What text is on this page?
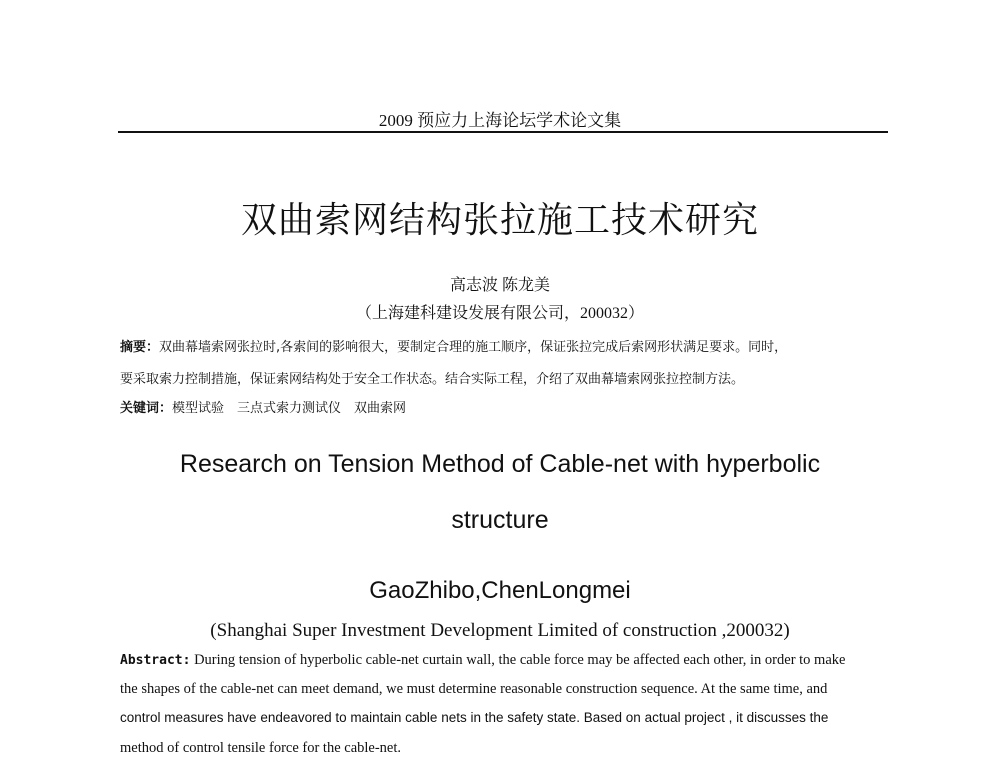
2009 预应力上海论坛学术论文集
双曲索网结构张拉施工技术研究
高志波 陈龙美
（上海建科建设发展有限公司，200032）
摘要：双曲幕墙索网张拉时,各索间的影响很大，要制定合理的施工顺序，保证张拉完成后索网形状满足要求。同时，
要采取索力控制措施，保证索网结构处于安全工作状态。结合实际工程，介绍了双曲幕墙索网张拉控制方法。
关键词：模型试验　三点式索力测试仪　双曲索网
Research on Tension Method of Cable-net with hyperbolic
structure
GaoZhibo,ChenLongmei
(Shanghai Super Investment Development Limited of construction ,200032)
Abstract: During tension of hyperbolic cable-net curtain wall, the cable force may be affected each other, in order to make
the shapes of the cable-net can meet demand, we must determine reasonable construction sequence. At the same time, and
control measures have endeavored to maintain cable nets in the safety state. Based on actual project , it discusses the
method of control tensile force for the cable-net.
